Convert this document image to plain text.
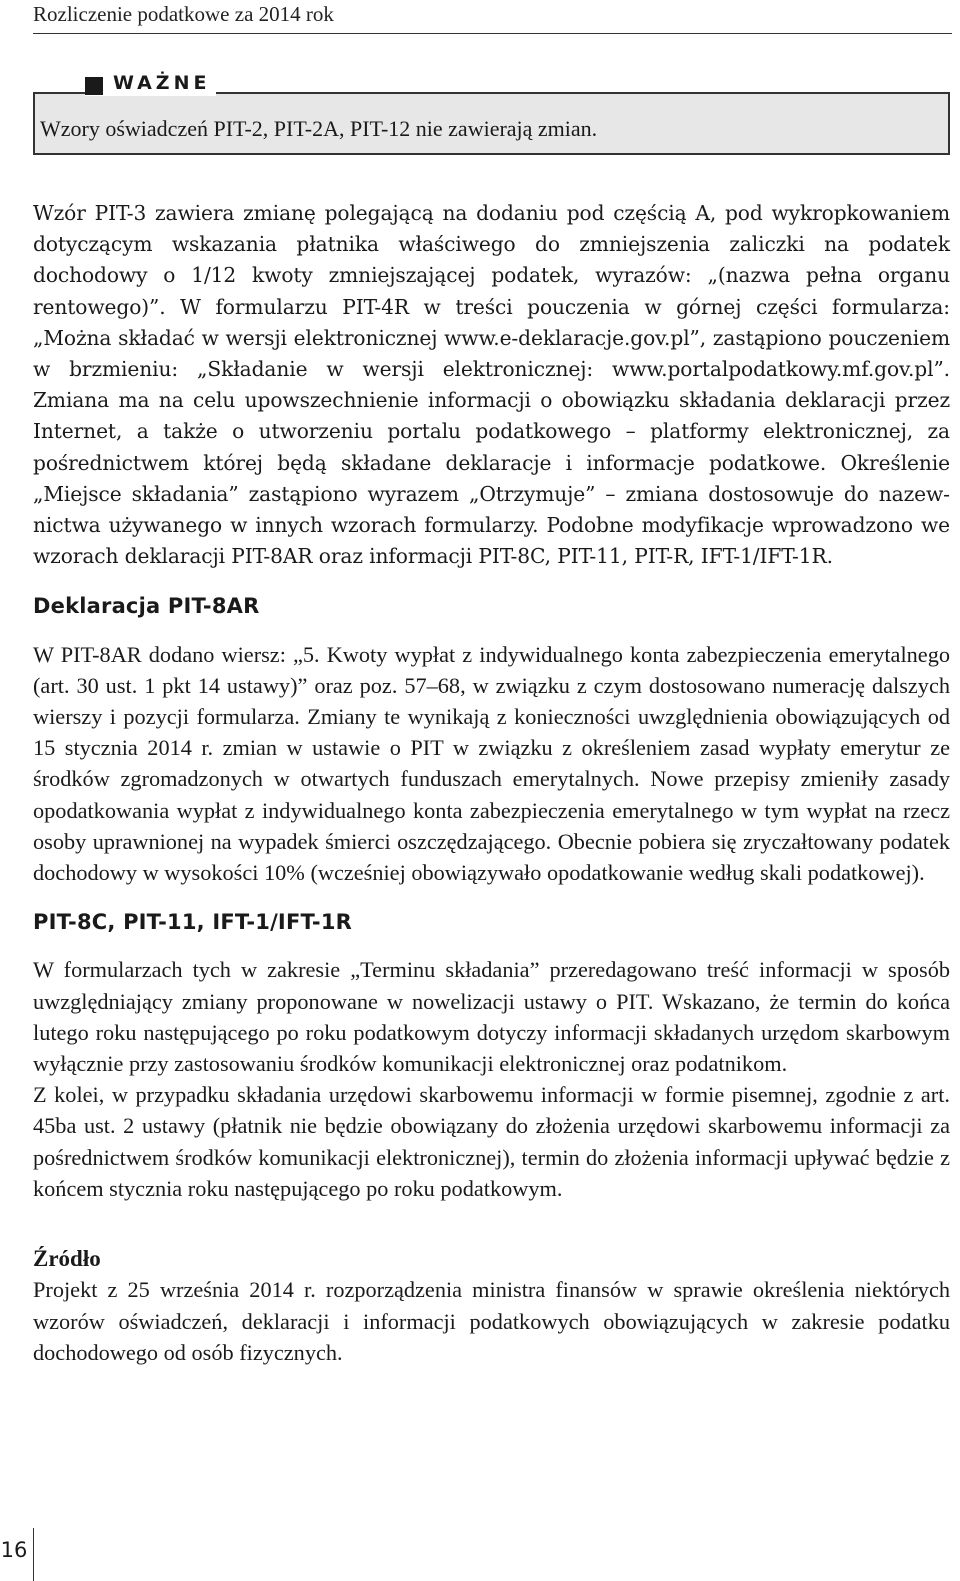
Rozliczenie podatkowe za 2014 rok
WAŻNE
Wzory oświadczeń PIT-2, PIT-2A, PIT-12 nie zawierają zmian.

Wzór PIT-3 zawiera zmianę polegającą na dodaniu pod częścią A, pod wykropkowaniem dotyczącym wskazania płatnika właściwego do zmniejszenia zaliczki na podatek dochodowy o 1/12 kwoty zmniejszającej podatek, wyrazów: „(nazwa pełna organu rentowego)”. W formularzu PIT-4R w treści pouczenia w górnej części formularza: „Można składać w wersji elektronicznej www.e-deklaracje.gov.pl”, zastąpiono pouczeniem w brzmieniu: „Składanie w wersji elektronicznej: www.portalpodatkowy.mf.gov.pl”. Zmiana ma na celu upowszechnienie informacji o obowiązku składania deklaracji przez Internet, a także o utworzeniu portalu podatkowego – platformy elektronicznej, za pośrednictwem której będą składane deklaracje i informacje podatkowe. Określenie „Miejsce składania” zastąpiono wyrazem „Otrzymuje” – zmiana dostosowuje do nazewnictwa używanego w innych wzorach formularzy. Podobne modyfikacje wprowadzono we wzorach deklaracji PIT-8AR oraz informacji PIT-8C, PIT-11, PIT-R, IFT-1/IFT-1R.

Deklaracja PIT-8AR

W PIT-8AR dodano wiersz: „5. Kwoty wypłat z indywidualnego konta zabezpieczenia emerytalnego (art. 30 ust. 1 pkt 14 ustawy)” oraz poz. 57–68, w związku z czym dostosowano numerację dalszych wierszy i pozycji formularza. Zmiany te wynikają z konieczności uwzględnienia obowiązujących od 15 stycznia 2014 r. zmian w ustawie o PIT w związku z określeniem zasad wypłaty emerytur ze środków zgromadzonych w otwartych funduszach emerytalnych. Nowe przepisy zmieniły zasady opodatkowania wypłat z indywidualnego konta zabezpieczenia emerytalnego w tym wypłat na rzecz osoby uprawnionej na wypadek śmierci oszczędzającego. Obecnie pobiera się zryczałtowany podatek dochodowy w wysokości 10% (wcześniej obowiązywało opodatkowanie według skali podatkowej).

PIT-8C, PIT-11, IFT-1/IFT-1R

W formularzach tych w zakresie „Terminu składania” przeredagowano treść informacji w sposób uwzględniający zmiany proponowane w nowelizacji ustawy o PIT. Wskazano, że termin do końca lutego roku następującego po roku podatkowym dotyczy informacji składanych urzędom skarbowym wyłącznie przy zastosowaniu środków komunikacji elektronicznej oraz podatnikom.

Z kolei, w przypadku składania urzędowi skarbowemu informacji w formie pisemnej, zgodnie z art. 45ba ust. 2 ustawy (płatnik nie będzie obowiązany do złożenia urzędowi skarbowemu informacji za pośrednictwem środków komunikacji elektronicznej), termin do złożenia informacji upływać będzie z końcem stycznia roku następującego po roku podatkowym.

Źródło

Projekt z 25 września 2014 r. rozporządzenia ministra finansów w sprawie określenia niektórych wzorów oświadczeń, deklaracji i informacji podatkowych obowiązujących w zakresie podatku dochodowego od osób fizycznych.

16
